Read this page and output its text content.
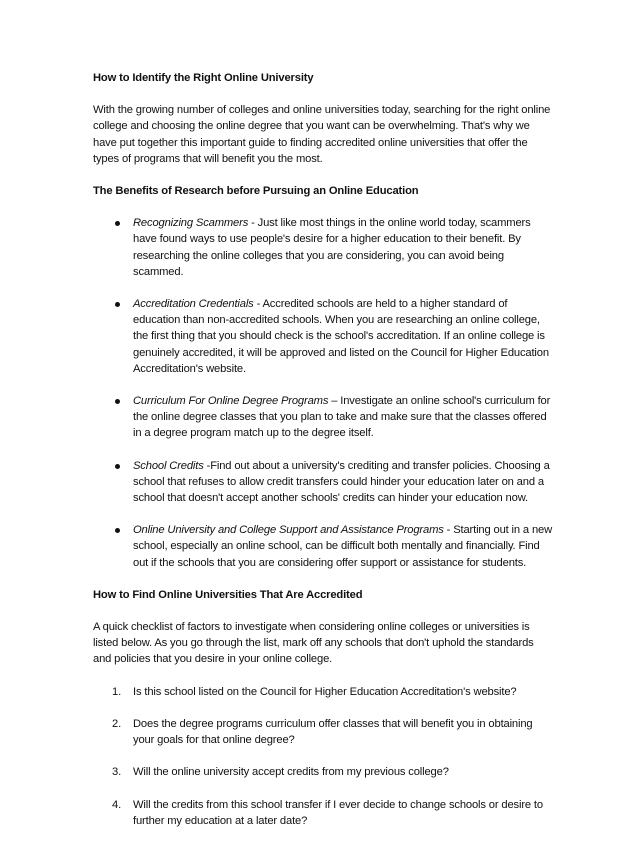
How to Identify the Right Online University

With the growing number of colleges and online universities today, searching for the right online college and choosing the online degree that you want can be overwhelming. That's why we have put together this important guide to finding accredited online universities that offer the types of programs that will benefit you the most.

The Benefits of Research before Pursuing an Online Education

Recognizing Scammers - Just like most things in the online world today, scammers have found ways to use people's desire for a higher education to their benefit. By researching the online colleges that you are considering, you can avoid being scammed.
Accreditation Credentials - Accredited schools are held to a higher standard of education than non-accredited schools. When you are researching an online college, the first thing that you should check is the school's accreditation. If an online college is genuinely accredited, it will be approved and listed on the Council for Higher Education Accreditation's website.
Curriculum For Online Degree Programs – Investigate an online school's curriculum for the online degree classes that you plan to take and make sure that the classes offered in a degree program match up to the degree itself.
School Credits -Find out about a university's crediting and transfer policies. Choosing a school that refuses to allow credit transfers could hinder your education later on and a school that doesn't accept another schools' credits can hinder your education now.
Online University and College Support and Assistance Programs - Starting out in a new school, especially an online school, can be difficult both mentally and financially. Find out if the schools that you are considering offer support or assistance for students.

How to Find Online Universities That Are Accredited

A quick checklist of factors to investigate when considering online colleges or universities is listed below. As you go through the list, mark off any schools that don't uphold the standards and policies that you desire in your online college.

1. Is this school listed on the Council for Higher Education Accreditation's website?
2. Does the degree programs curriculum offer classes that will benefit you in obtaining your goals for that online degree?
3. Will the online university accept credits from my previous college?
4. Will the credits from this school transfer if I ever decide to change schools or desire to further my education at a later date?
